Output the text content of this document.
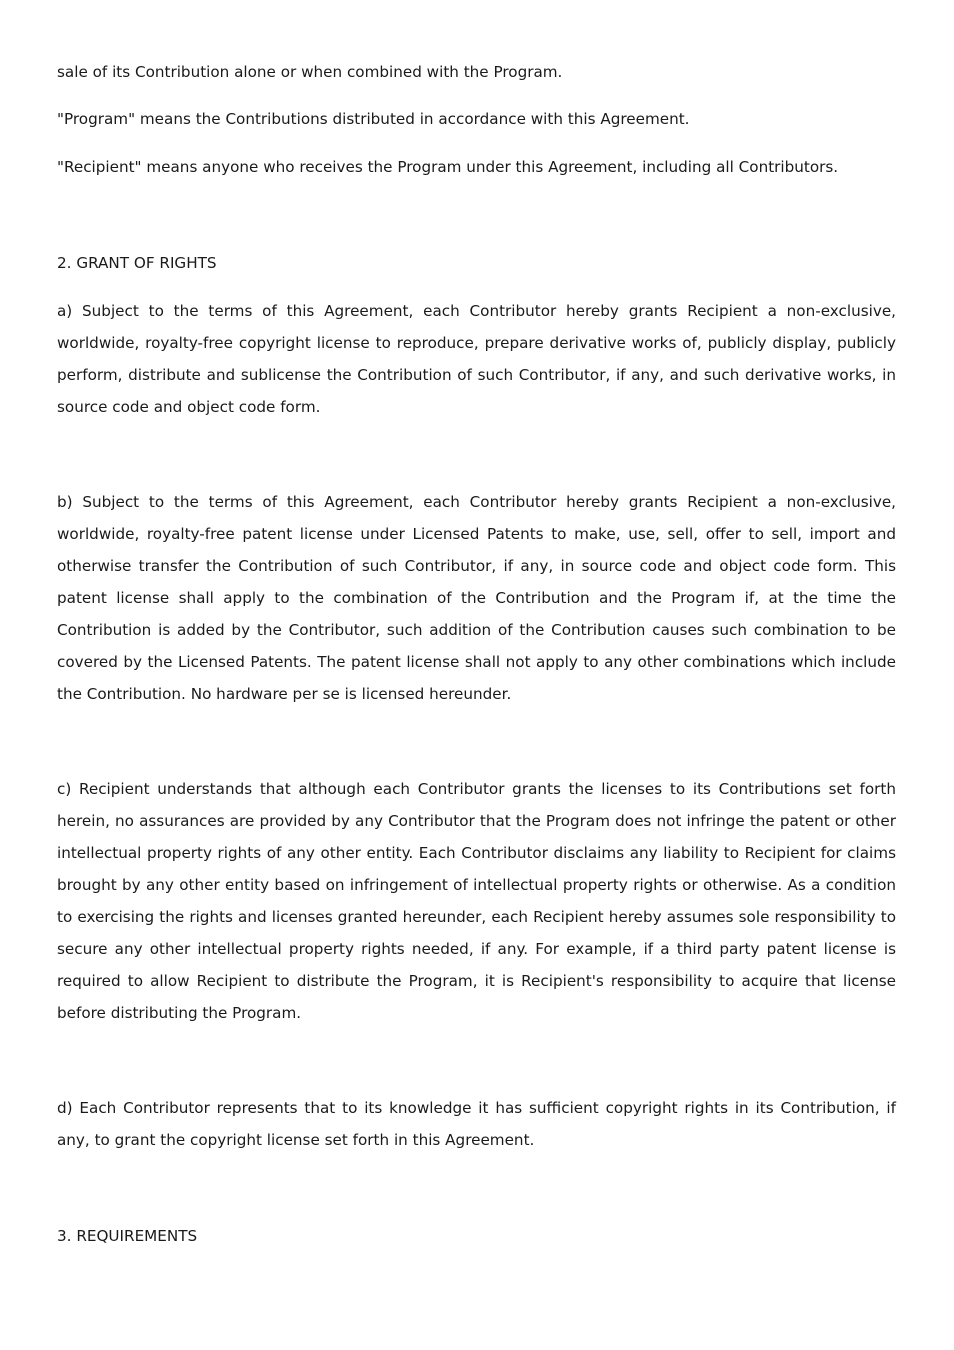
sale of its Contribution alone or when combined with the Program.

"Program" means the Contributions distributed in accordance with this Agreement.

"Recipient" means anyone who receives the Program under this Agreement, including all Contributors.

2. GRANT OF RIGHTS

a) Subject to the terms of this Agreement, each Contributor hereby grants Recipient a non-exclusive, worldwide, royalty-free copyright license to reproduce, prepare derivative works of, publicly display, publicly perform, distribute and sublicense the Contribution of such Contributor, if any, and such derivative works, in source code and object code form.

b) Subject to the terms of this Agreement, each Contributor hereby grants Recipient a non-exclusive, worldwide, royalty-free patent license under Licensed Patents to make, use, sell, offer to sell, import and otherwise transfer the Contribution of such Contributor, if any, in source code and object code form. This patent license shall apply to the combination of the Contribution and the Program if, at the time the Contribution is added by the Contributor, such addition of the Contribution causes such combination to be covered by the Licensed Patents. The patent license shall not apply to any other combinations which include the Contribution. No hardware per se is licensed hereunder.

c) Recipient understands that although each Contributor grants the licenses to its Contributions set forth herein, no assurances are provided by any Contributor that the Program does not infringe the patent or other intellectual property rights of any other entity. Each Contributor disclaims any liability to Recipient for claims brought by any other entity based on infringement of intellectual property rights or otherwise. As a condition to exercising the rights and licenses granted hereunder, each Recipient hereby assumes sole responsibility to secure any other intellectual property rights needed, if any. For example, if a third party patent license is required to allow Recipient to distribute the Program, it is Recipient's responsibility to acquire that license before distributing the Program.

d) Each Contributor represents that to its knowledge it has sufficient copyright rights in its Contribution, if any, to grant the copyright license set forth in this Agreement.

3. REQUIREMENTS
